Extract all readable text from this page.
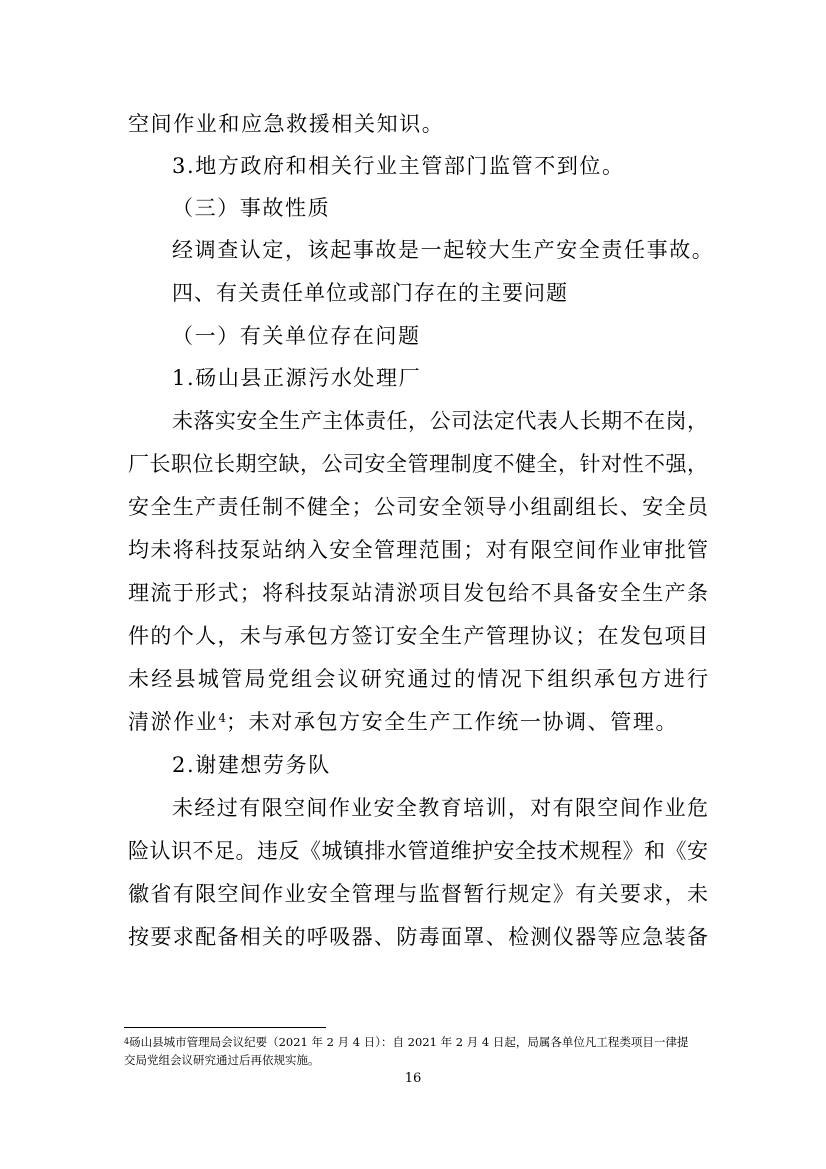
空间作业和应急救援相关知识。
3.地方政府和相关行业主管部门监管不到位。
（三）事故性质
经调查认定，该起事故是一起较大生产安全责任事故。
四、有关责任单位或部门存在的主要问题
（一）有关单位存在问题
1.砀山县正源污水处理厂
未落实安全生产主体责任，公司法定代表人长期不在岗，
厂长职位长期空缺，公司安全管理制度不健全，针对性不强，
安全生产责任制不健全；公司安全领导小组副组长、安全员
均未将科技泵站纳入安全管理范围；对有限空间作业审批管
理流于形式；将科技泵站清淤项目发包给不具备安全生产条
件的个人，未与承包方签订安全生产管理协议；在发包项目
未经县城管局党组会议研究通过的情况下组织承包方进行
清淤作业$^4$；未对承包方安全生产工作统一协调、管理。
2.谢建想劳务队
未经过有限空间作业安全教育培训，对有限空间作业危
险认识不足。违反《城镇排水管道维护安全技术规程》和《安
徽省有限空间作业安全管理与监督暂行规定》有关要求，未
按要求配备相关的呼吸器、防毒面罩、检测仪器等应急装备
$^4$砀山县城市管理局会议纪要（2021 年 2 月 4 日）：自 2021 年 2 月 4 日起，局属各单位凡工程类项目一律提
交局党组会议研究通过后再依规实施。
16
